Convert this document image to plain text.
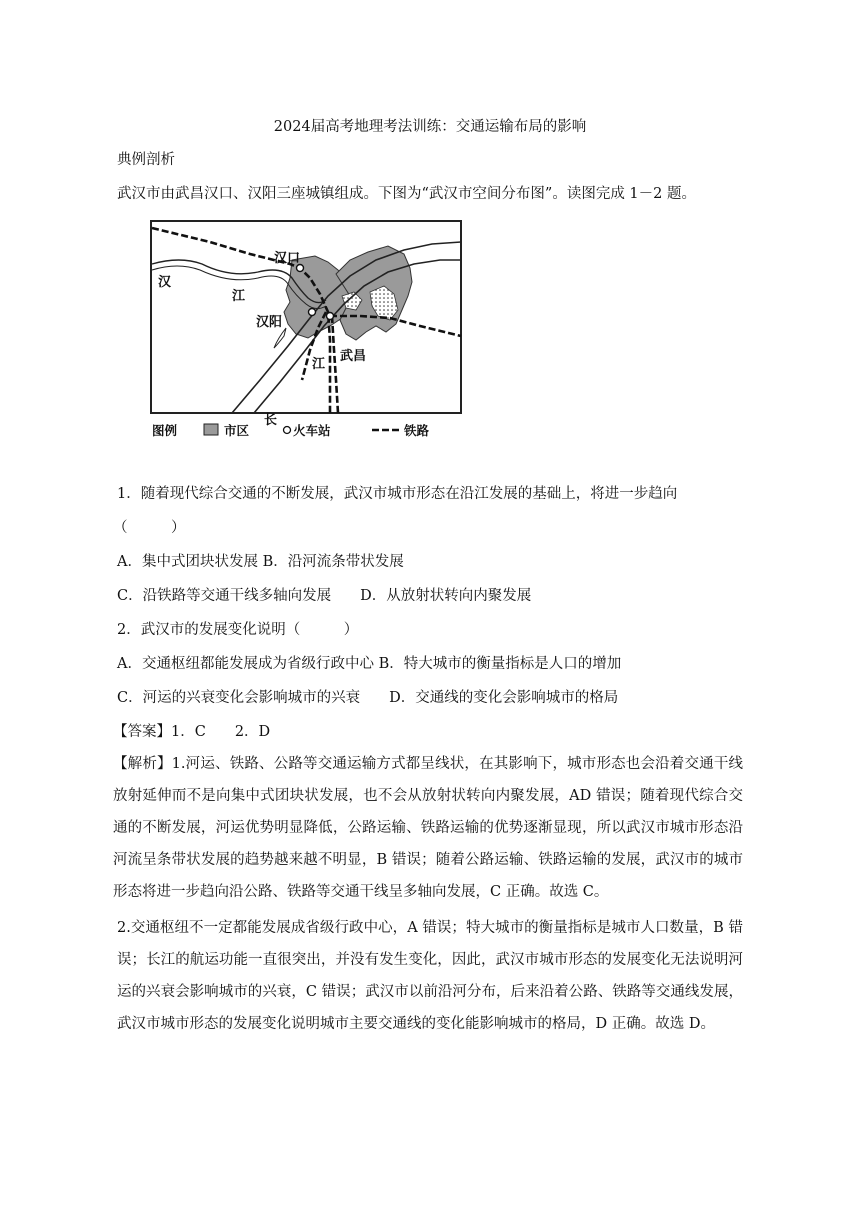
2024届高考地理考法训练：交通运输布局的影响
典例剖析
武汉市由武昌汉口、汉阳三座城镇组成。下图为“武汉市空间分布图”。读图完成 1－2 题。
汉口
汉阳
武昌
汉
江
江
长
图例	市区	火车站	铁路
1．随着现代综合交通的不断发展，武汉市城市形态在沿江发展的基础上，将进一步趋向
（　　　）
A．集中式团块状发展 B．沿河流条带状发展
C．沿铁路等交通干线多轴向发展　　D．从放射状转向内聚发展
2．武汉市的发展变化说明（　　　）
A．交通枢纽都能发展成为省级行政中心 B．特大城市的衡量指标是人口的增加
C．河运的兴衰变化会影响城市的兴衰　　D．交通线的变化会影响城市的格局
【答案】1．C　　2．D
【解析】1.河运、铁路、公路等交通运输方式都呈线状，在其影响下，城市形态也会沿着交通干线放射延伸而不是向集中式团块状发展，也不会从放射状转向内聚发展，AD 错误；随着现代综合交通的不断发展，河运优势明显降低，公路运输、铁路运输的优势逐渐显现，所以武汉市城市形态沿河流呈条带状发展的趋势越来越不明显，B 错误；随着公路运输、铁路运输的发展，武汉市的城市形态将进一步趋向沿公路、铁路等交通干线呈多轴向发展，C 正确。故选 C。
2.交通枢纽不一定都能发展成省级行政中心，A 错误；特大城市的衡量指标是城市人口数量，B 错误；长江的航运功能一直很突出，并没有发生变化，因此，武汉市城市形态的发展变化无法说明河运的兴衰会影响城市的兴衰，C 错误；武汉市以前沿河分布，后来沿着公路、铁路等交通线发展，武汉市城市形态的发展变化说明城市主要交通线的变化能影响城市的格局，D 正确。故选 D。
